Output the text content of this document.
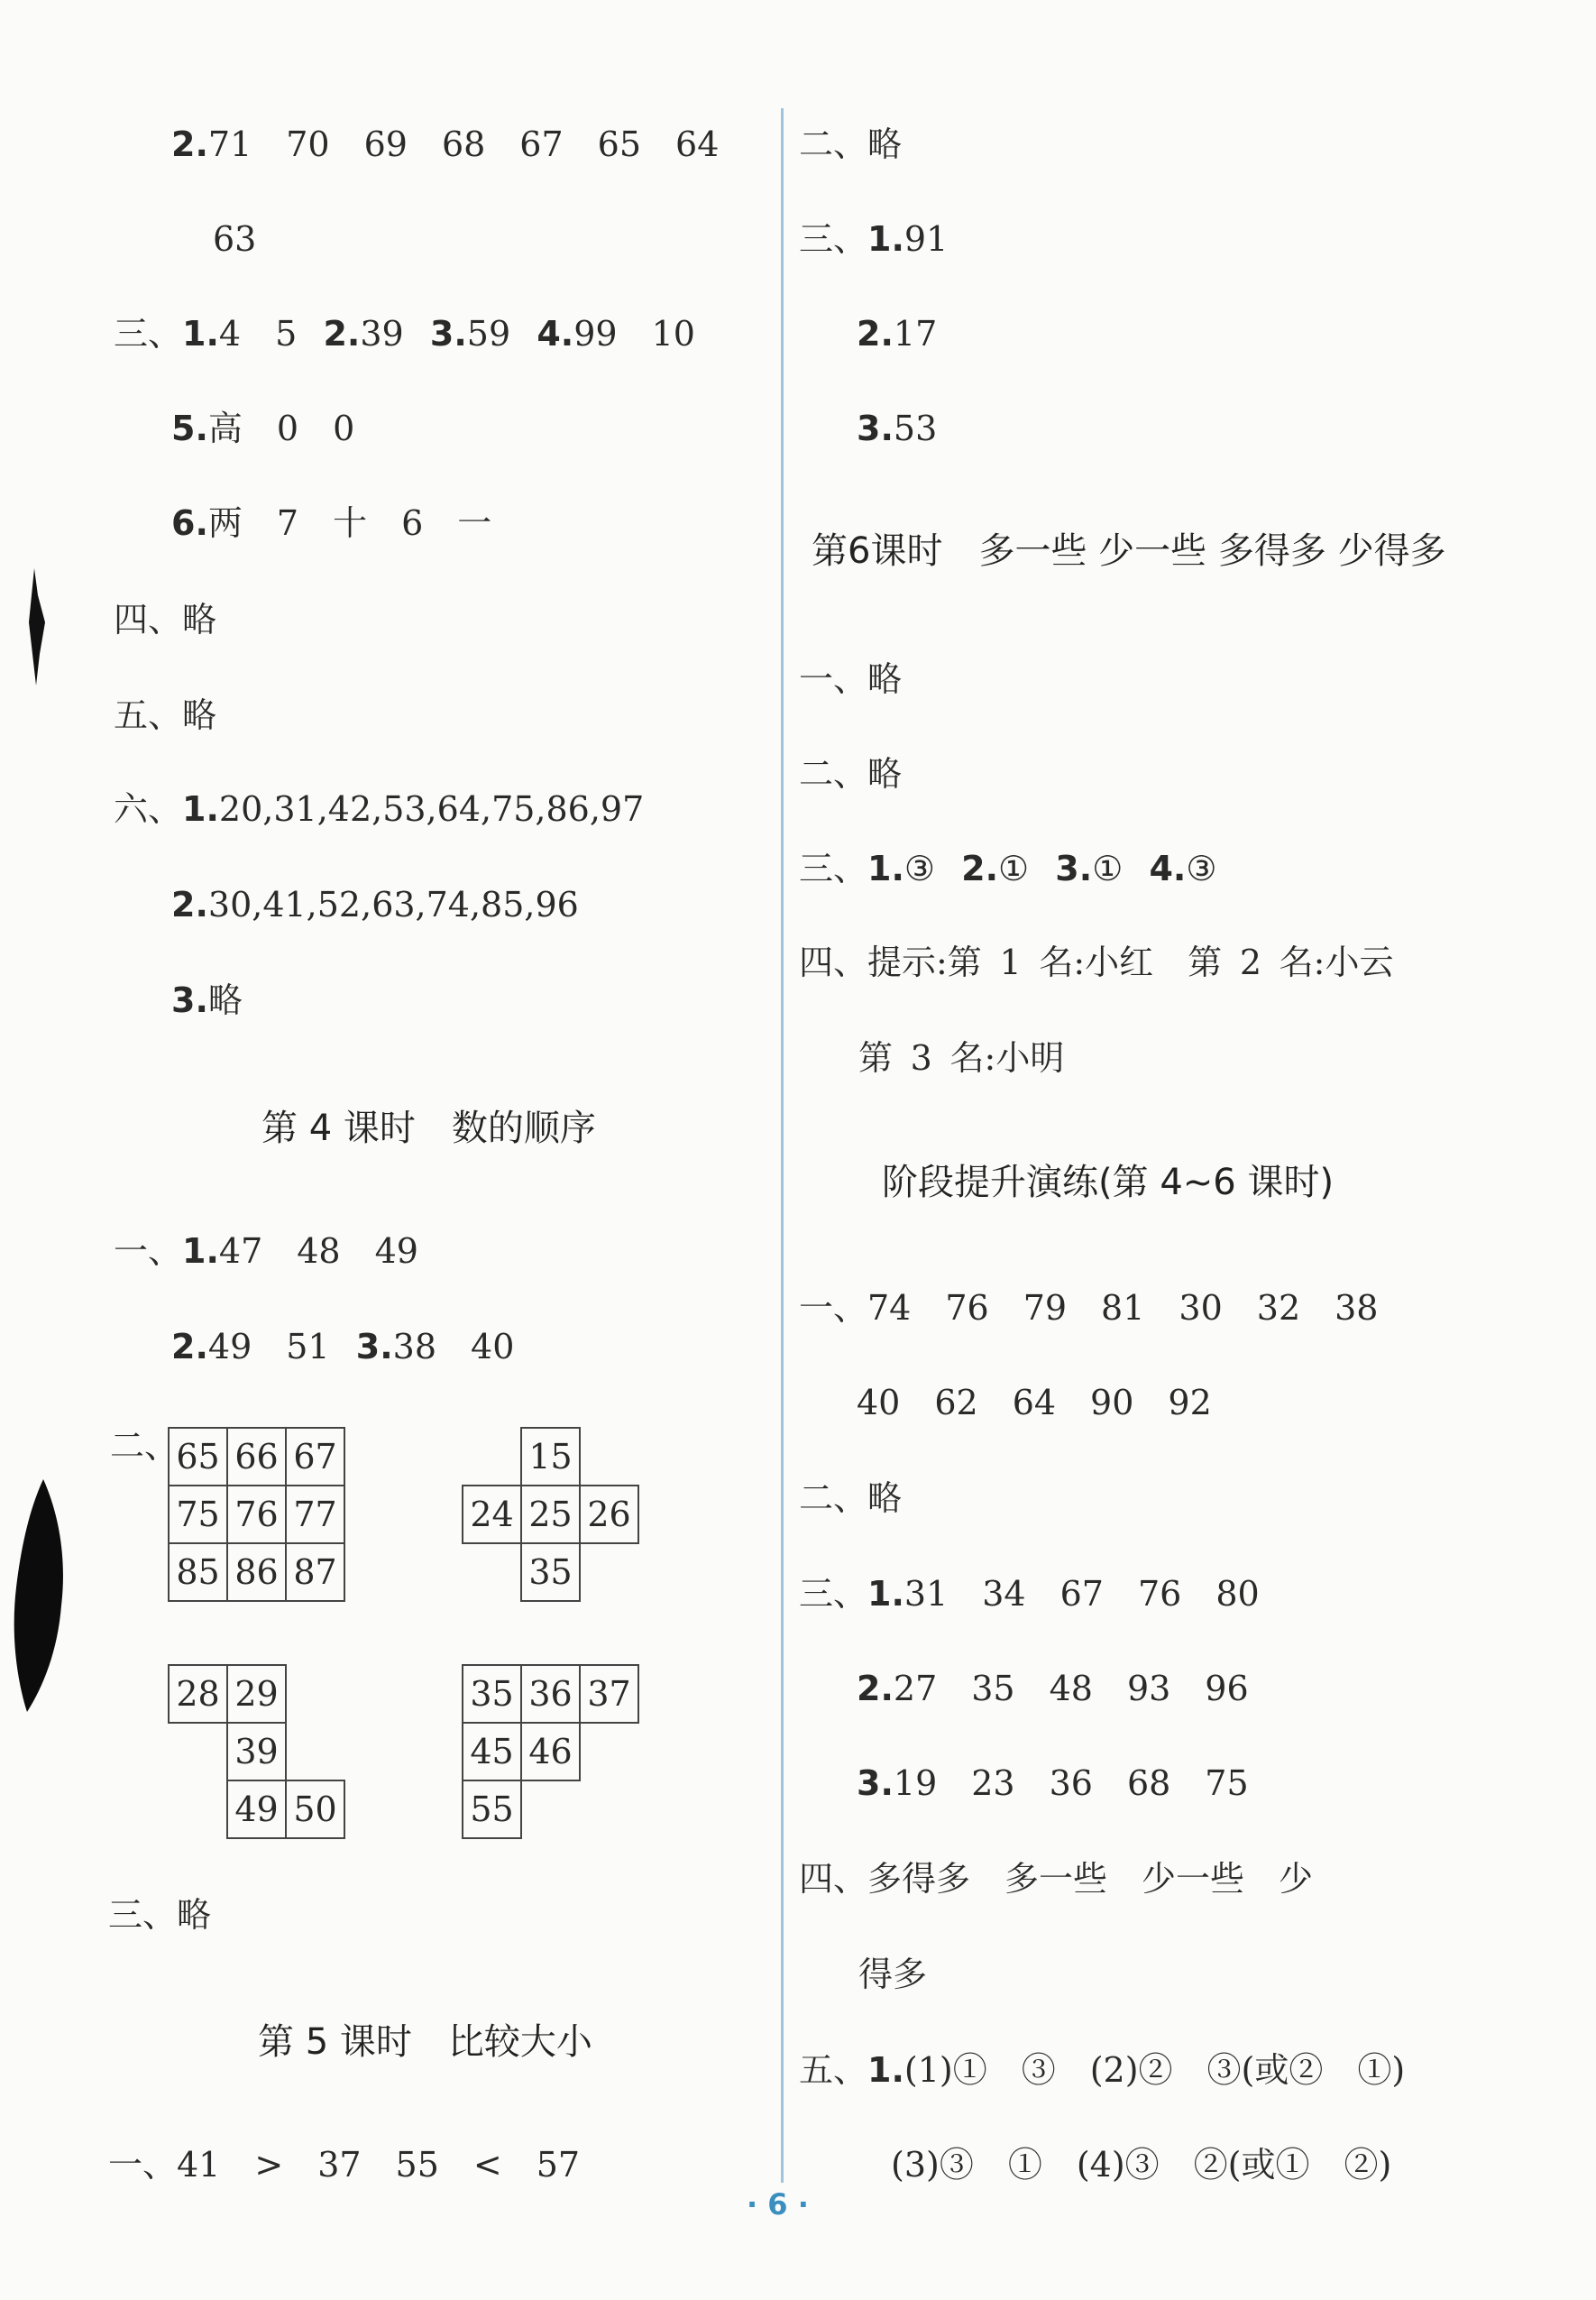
2.71　70　69　68　67　65　64
63
三、1.4　5 2.39 3.59 4.99　10
5.高　0　0
6.两　7　十　6　一
四、略
五、略
六、1.20,31,42,53,64,75,86,97
2.30,41,52,63,74,85,96
3.略
第 4 课时　数的顺序
一、1.47　48　49
2.49　51 3.38　40
二、
65	66	67
75	76	77
85	86	87
	15	
24	25	26
	35	
28	29	
	39	
	49	50
35	36	37
45	46	
55		
三、略
第 5 课时　比较大小
一、41　>　37　55　<　57
二、略
三、1.91
2.17
3.53
第6课时　多一些 少一些 多得多 少得多
一、略
二、略
三、1.③ 2.① 3.① 4.③
四、提示:第 1 名:小红　第 2 名:小云
第 3 名:小明
阶段提升演练(第 4~6 课时)
一、74　76　79　81　30　32　38
40　62　64　90　92
二、略
三、1.31　34　67　76　80
2.27　35　48　93　96
3.19　23　36　68　75
四、多得多　多一些　少一些　少
得多
五、1.(1)①　③　(2)②　③(或②　①)
(3)③　①　(4)③　②(或①　②)
· 6 ·
